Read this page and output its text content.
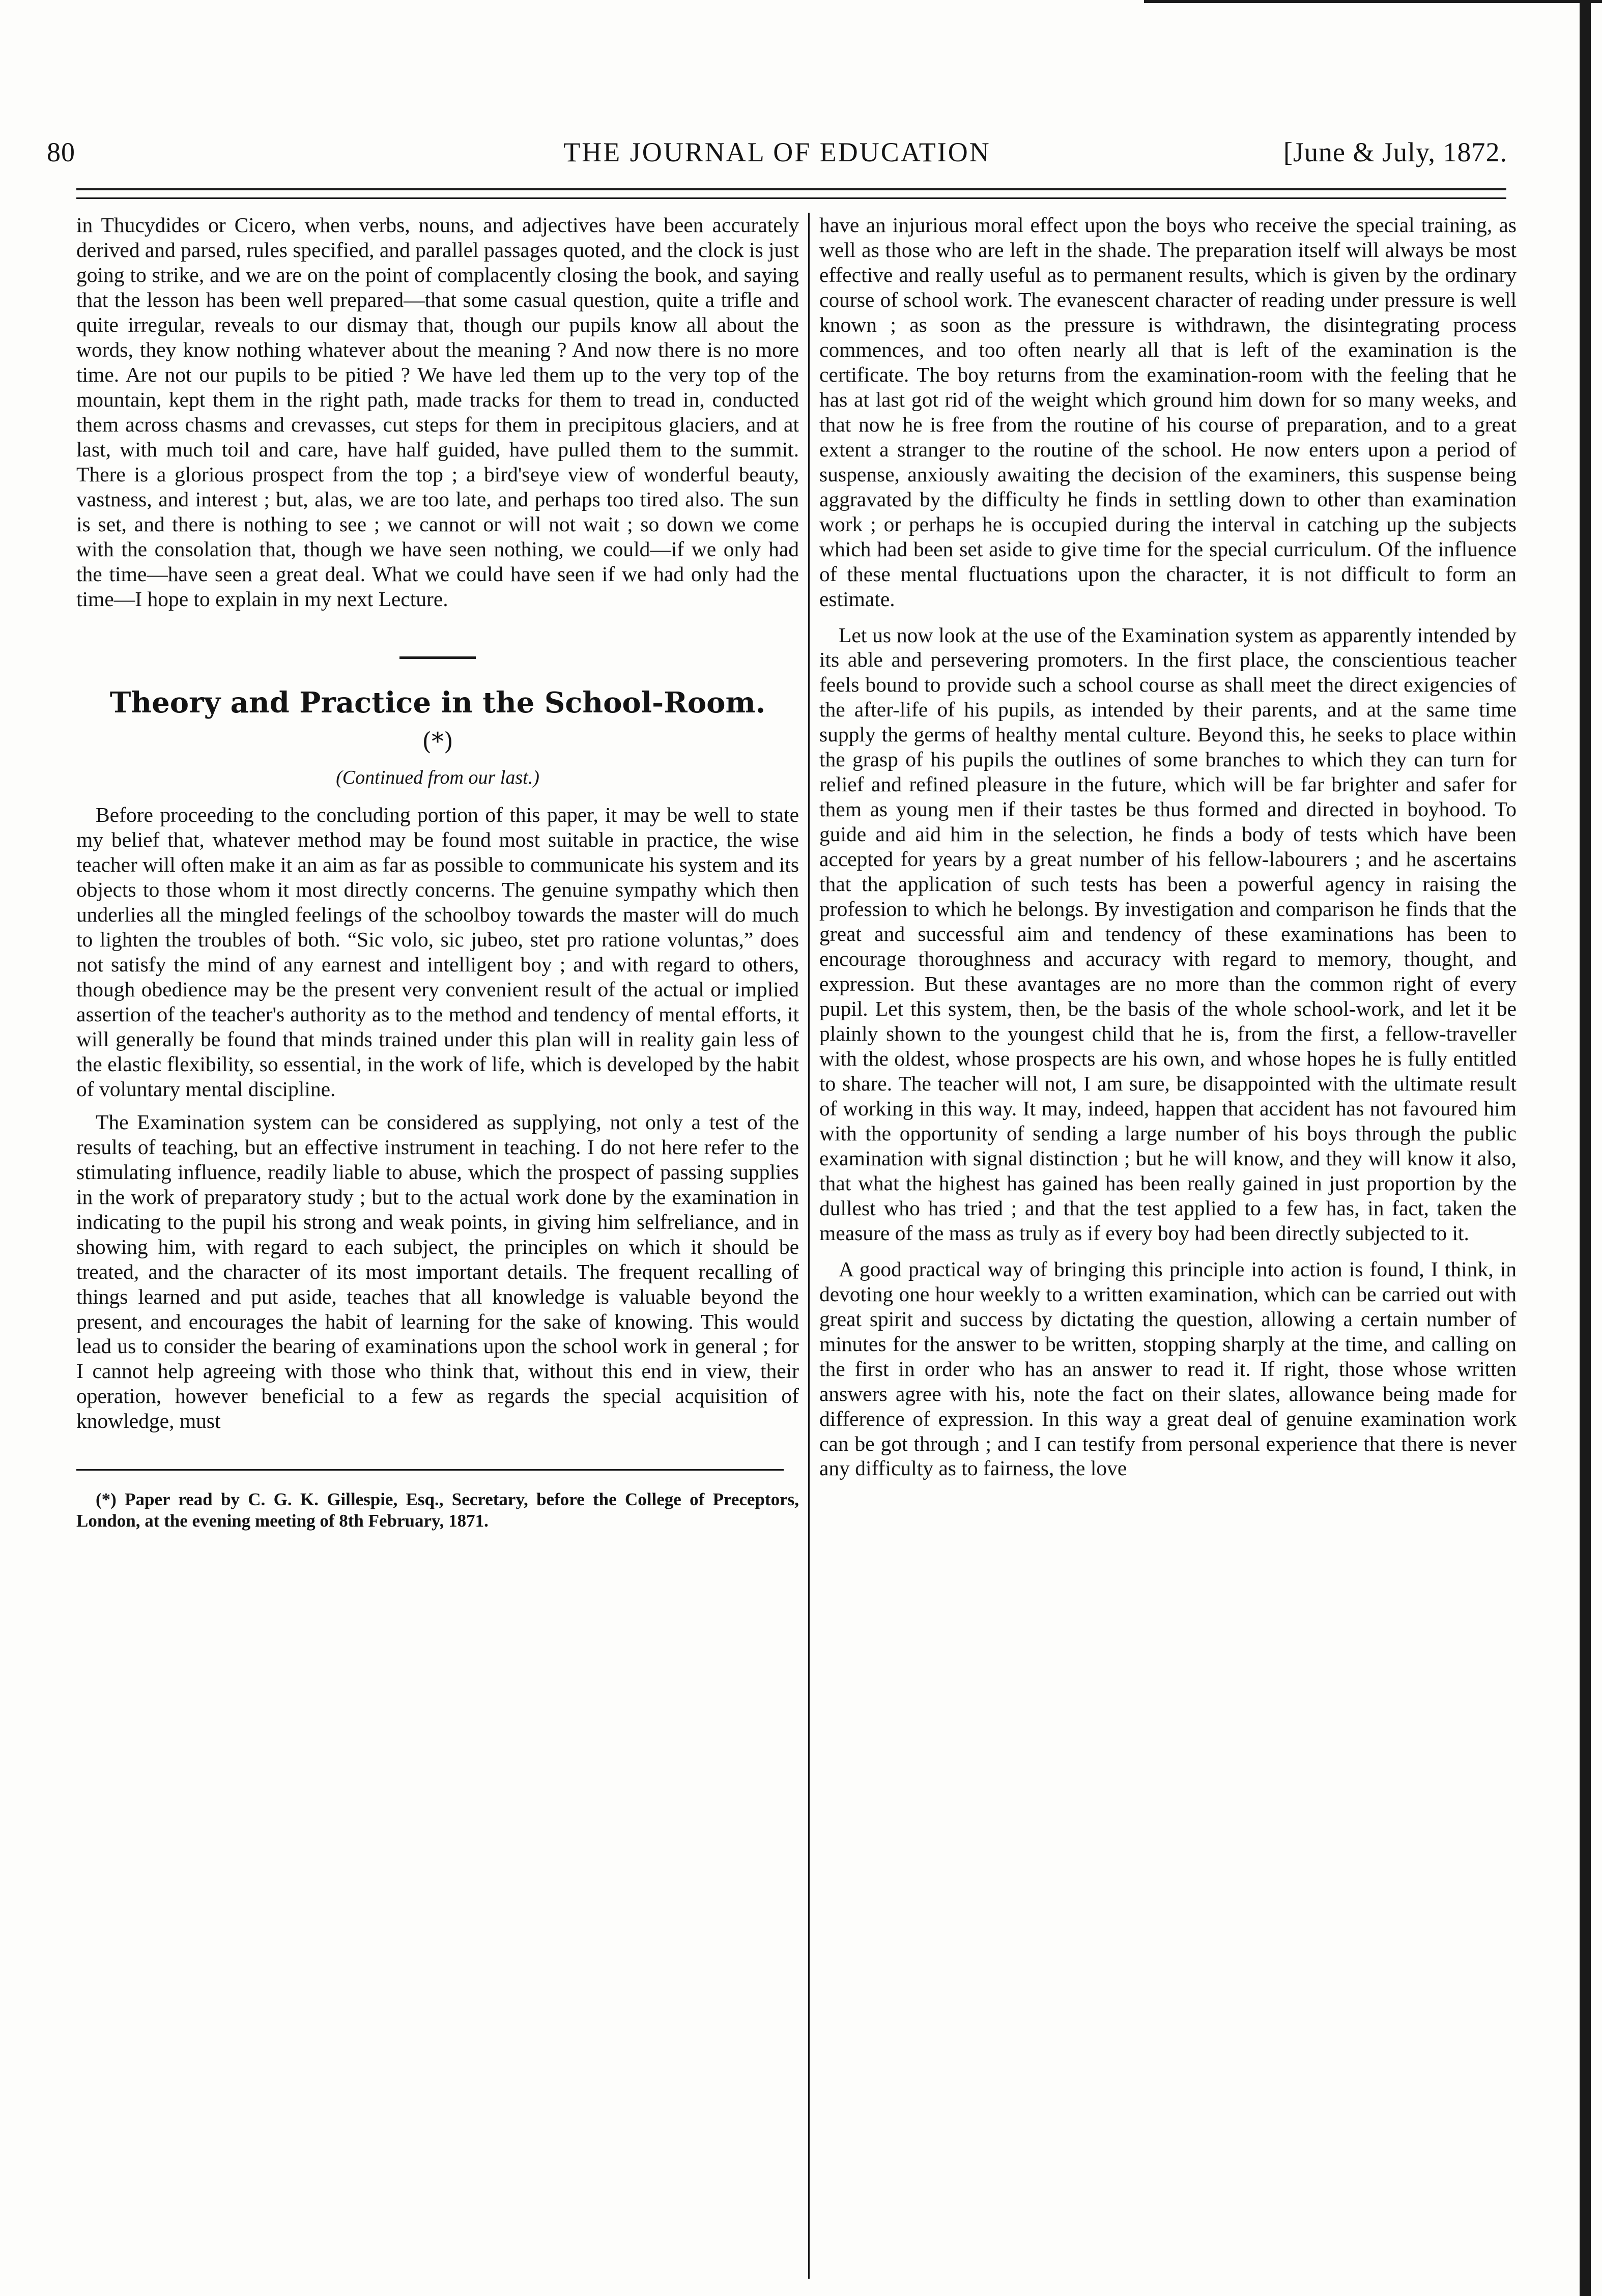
80	THE JOURNAL OF EDUCATION	[June & July, 1872.

in Thucydides or Cicero, when verbs, nouns, and adjectives have been accurately derived and parsed, rules specified, and parallel passages quoted, and the clock is just going to strike, and we are on the point of complacently closing the book, and saying that the lesson has been well prepared—that some casual question, quite a trifle and quite irregular, reveals to our dismay that, though our pupils know all about the words, they know nothing whatever about the meaning ? And now there is no more time. Are not our pupils to be pitied ? We have led them up to the very top of the mountain, kept them in the right path, made tracks for them to tread in, conducted them across chasms and crevasses, cut steps for them in precipitous glaciers, and at last, with much toil and care, have half guided, have pulled them to the summit. There is a glorious prospect from the top ; a bird'seye view of wonderful beauty, vastness, and interest ; but, alas, we are too late, and perhaps too tired also. The sun is set, and there is nothing to see ; we cannot or will not wait ; so down we come with the consolation that, though we have seen nothing, we could—if we only had the time—have seen a great deal. What we could have seen if we had only had the time—I hope to explain in my next Lecture.

Theory and Practice in the School-Room. (*)
(Continued from our last.)

Before proceeding to the concluding portion of this paper, it may be well to state my belief that, whatever method may be found most suitable in practice, the wise teacher will often make it an aim as far as possible to communicate his system and its objects to those whom it most directly concerns. The genuine sympathy which then underlies all the mingled feelings of the schoolboy towards the master will do much to lighten the troubles of both. “Sic volo, sic jubeo, stet pro ratione voluntas,” does not satisfy the mind of any earnest and intelligent boy ; and with regard to others, though obedience may be the present very convenient result of the actual or implied assertion of the teacher's authority as to the method and tendency of mental efforts, it will generally be found that minds trained under this plan will in reality gain less of the elastic flexibility, so essential, in the work of life, which is developed by the habit of voluntary mental discipline.

The Examination system can be considered as supplying, not only a test of the results of teaching, but an effective instrument in teaching. I do not here refer to the stimulating influence, readily liable to abuse, which the prospect of passing supplies in the work of preparatory study ; but to the actual work done by the examination in indicating to the pupil his strong and weak points, in giving him selfreliance, and in showing him, with regard to each subject, the principles on which it should be treated, and the character of its most important details. The frequent recalling of things learned and put aside, teaches that all knowledge is valuable beyond the present, and encourages the habit of learning for the sake of knowing. This would lead us to consider the bearing of examinations upon the school work in general ; for I cannot help agreeing with those who think that, without this end in view, their operation, however beneficial to a few as regards the special acquisition of knowledge, must

(*) Paper read by C. G. K. Gillespie, Esq., Secretary, before the College of Preceptors, London, at the evening meeting of 8th February, 1871.

have an injurious moral effect upon the boys who receive the special training, as well as those who are left in the shade. The preparation itself will always be most effective and really useful as to permanent results, which is given by the ordinary course of school work. The evanescent character of reading under pressure is well known ; as soon as the pressure is withdrawn, the disintegrating process commences, and too often nearly all that is left of the examination is the certificate. The boy returns from the examination-room with the feeling that he has at last got rid of the weight which ground him down for so many weeks, and that now he is free from the routine of his course of preparation, and to a great extent a stranger to the routine of the school. He now enters upon a period of suspense, anxiously awaiting the decision of the examiners, this suspense being aggravated by the difficulty he finds in settling down to other than examination work ; or perhaps he is occupied during the interval in catching up the subjects which had been set aside to give time for the special curriculum. Of the influence of these mental fluctuations upon the character, it is not difficult to form an estimate.

Let us now look at the use of the Examination system as apparently intended by its able and persevering promoters. In the first place, the conscientious teacher feels bound to provide such a school course as shall meet the direct exigencies of the after-life of his pupils, as intended by their parents, and at the same time supply the germs of healthy mental culture. Beyond this, he seeks to place within the grasp of his pupils the outlines of some branches to which they can turn for relief and refined pleasure in the future, which will be far brighter and safer for them as young men if their tastes be thus formed and directed in boyhood. To guide and aid him in the selection, he finds a body of tests which have been accepted for years by a great number of his fellow-labourers ; and he ascertains that the application of such tests has been a powerful agency in raising the profession to which he belongs. By investigation and comparison he finds that the great and successful aim and tendency of these examinations has been to encourage thoroughness and accuracy with regard to memory, thought, and expression. But these avantages are no more than the common right of every pupil. Let this system, then, be the basis of the whole school-work, and let it be plainly shown to the youngest child that he is, from the first, a fellow-traveller with the oldest, whose prospects are his own, and whose hopes he is fully entitled to share. The teacher will not, I am sure, be disappointed with the ultimate result of working in this way. It may, indeed, happen that accident has not favoured him with the opportunity of sending a large number of his boys through the public examination with signal distinction ; but he will know, and they will know it also, that what the highest has gained has been really gained in just proportion by the dullest who has tried ; and that the test applied to a few has, in fact, taken the measure of the mass as truly as if every boy had been directly subjected to it.

A good practical way of bringing this principle into action is found, I think, in devoting one hour weekly to a written examination, which can be carried out with great spirit and success by dictating the question, allowing a certain number of minutes for the answer to be written, stopping sharply at the time, and calling on the first in order who has an answer to read it. If right, those whose written answers agree with his, note the fact on their slates, allowance being made for difference of expression. In this way a great deal of genuine examination work can be got through ; and I can testify from personal experience that there is never any difficulty as to fairness, the love
